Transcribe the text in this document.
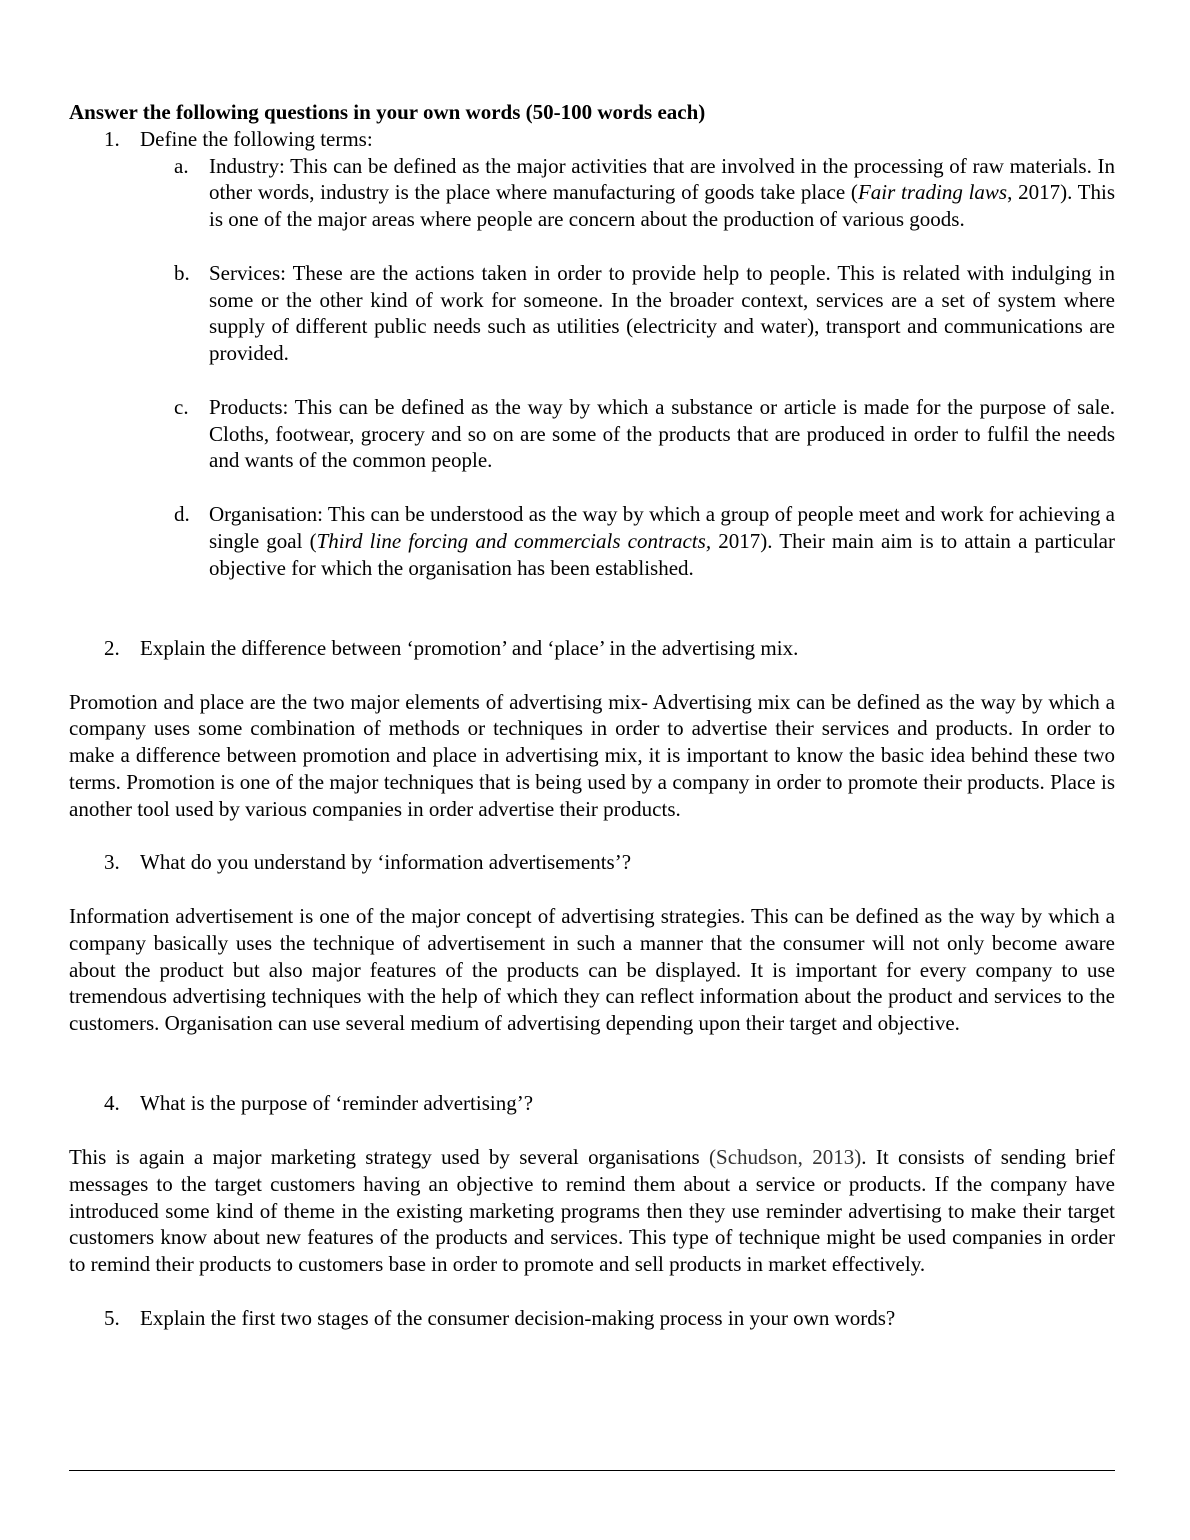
Answer the following questions in your own words (50-100 words each)
1. Define the following terms:
a. Industry: This can be defined as the major activities that are involved in the processing of raw materials. In other words, industry is the place where manufacturing of goods take place (Fair trading laws, 2017). This is one of the major areas where people are concern about the production of various goods.
b. Services: These are the actions taken in order to provide help to people. This is related with indulging in some or the other kind of work for someone. In the broader context, services are a set of system where supply of different public needs such as utilities (electricity and water), transport and communications are provided.
c. Products: This can be defined as the way by which a substance or article is made for the purpose of sale. Cloths, footwear, grocery and so on are some of the products that are produced in order to fulfil the needs and wants of the common people.
d. Organisation: This can be understood as the way by which a group of people meet and work for achieving a single goal (Third line forcing and commercials contracts, 2017). Their main aim is to attain a particular objective for which the organisation has been established.
2. Explain the difference between ‘promotion’ and ‘place’ in the advertising mix.
Promotion and place are the two major elements of advertising mix- Advertising mix can be defined as the way by which a company uses some combination of methods or techniques in order to advertise their services and products. In order to make a difference between promotion and place in advertising mix, it is important to know the basic idea behind these two terms. Promotion is one of the major techniques that is being used by a company in order to promote their products. Place is another tool used by various companies in order advertise their products.
3. What do you understand by ‘information advertisements’?
Information advertisement is one of the major concept of advertising strategies. This can be defined as the way by which a company basically uses the technique of advertisement in such a manner that the consumer will not only become aware about the product but also major features of the products can be displayed. It is important for every company to use tremendous advertising techniques with the help of which they can reflect information about the product and services to the customers. Organisation can use several medium of advertising depending upon their target and objective.
4. What is the purpose of ‘reminder advertising’?
This is again a major marketing strategy used by several organisations (Schudson, 2013). It consists of sending brief messages to the target customers having an objective to remind them about a service or products. If the company have introduced some kind of theme in the existing marketing programs then they use reminder advertising to make their target customers know about new features of the products and services. This type of technique might be used companies in order to remind their products to customers base in order to promote and sell products in market effectively.
5. Explain the first two stages of the consumer decision-making process in your own words?
